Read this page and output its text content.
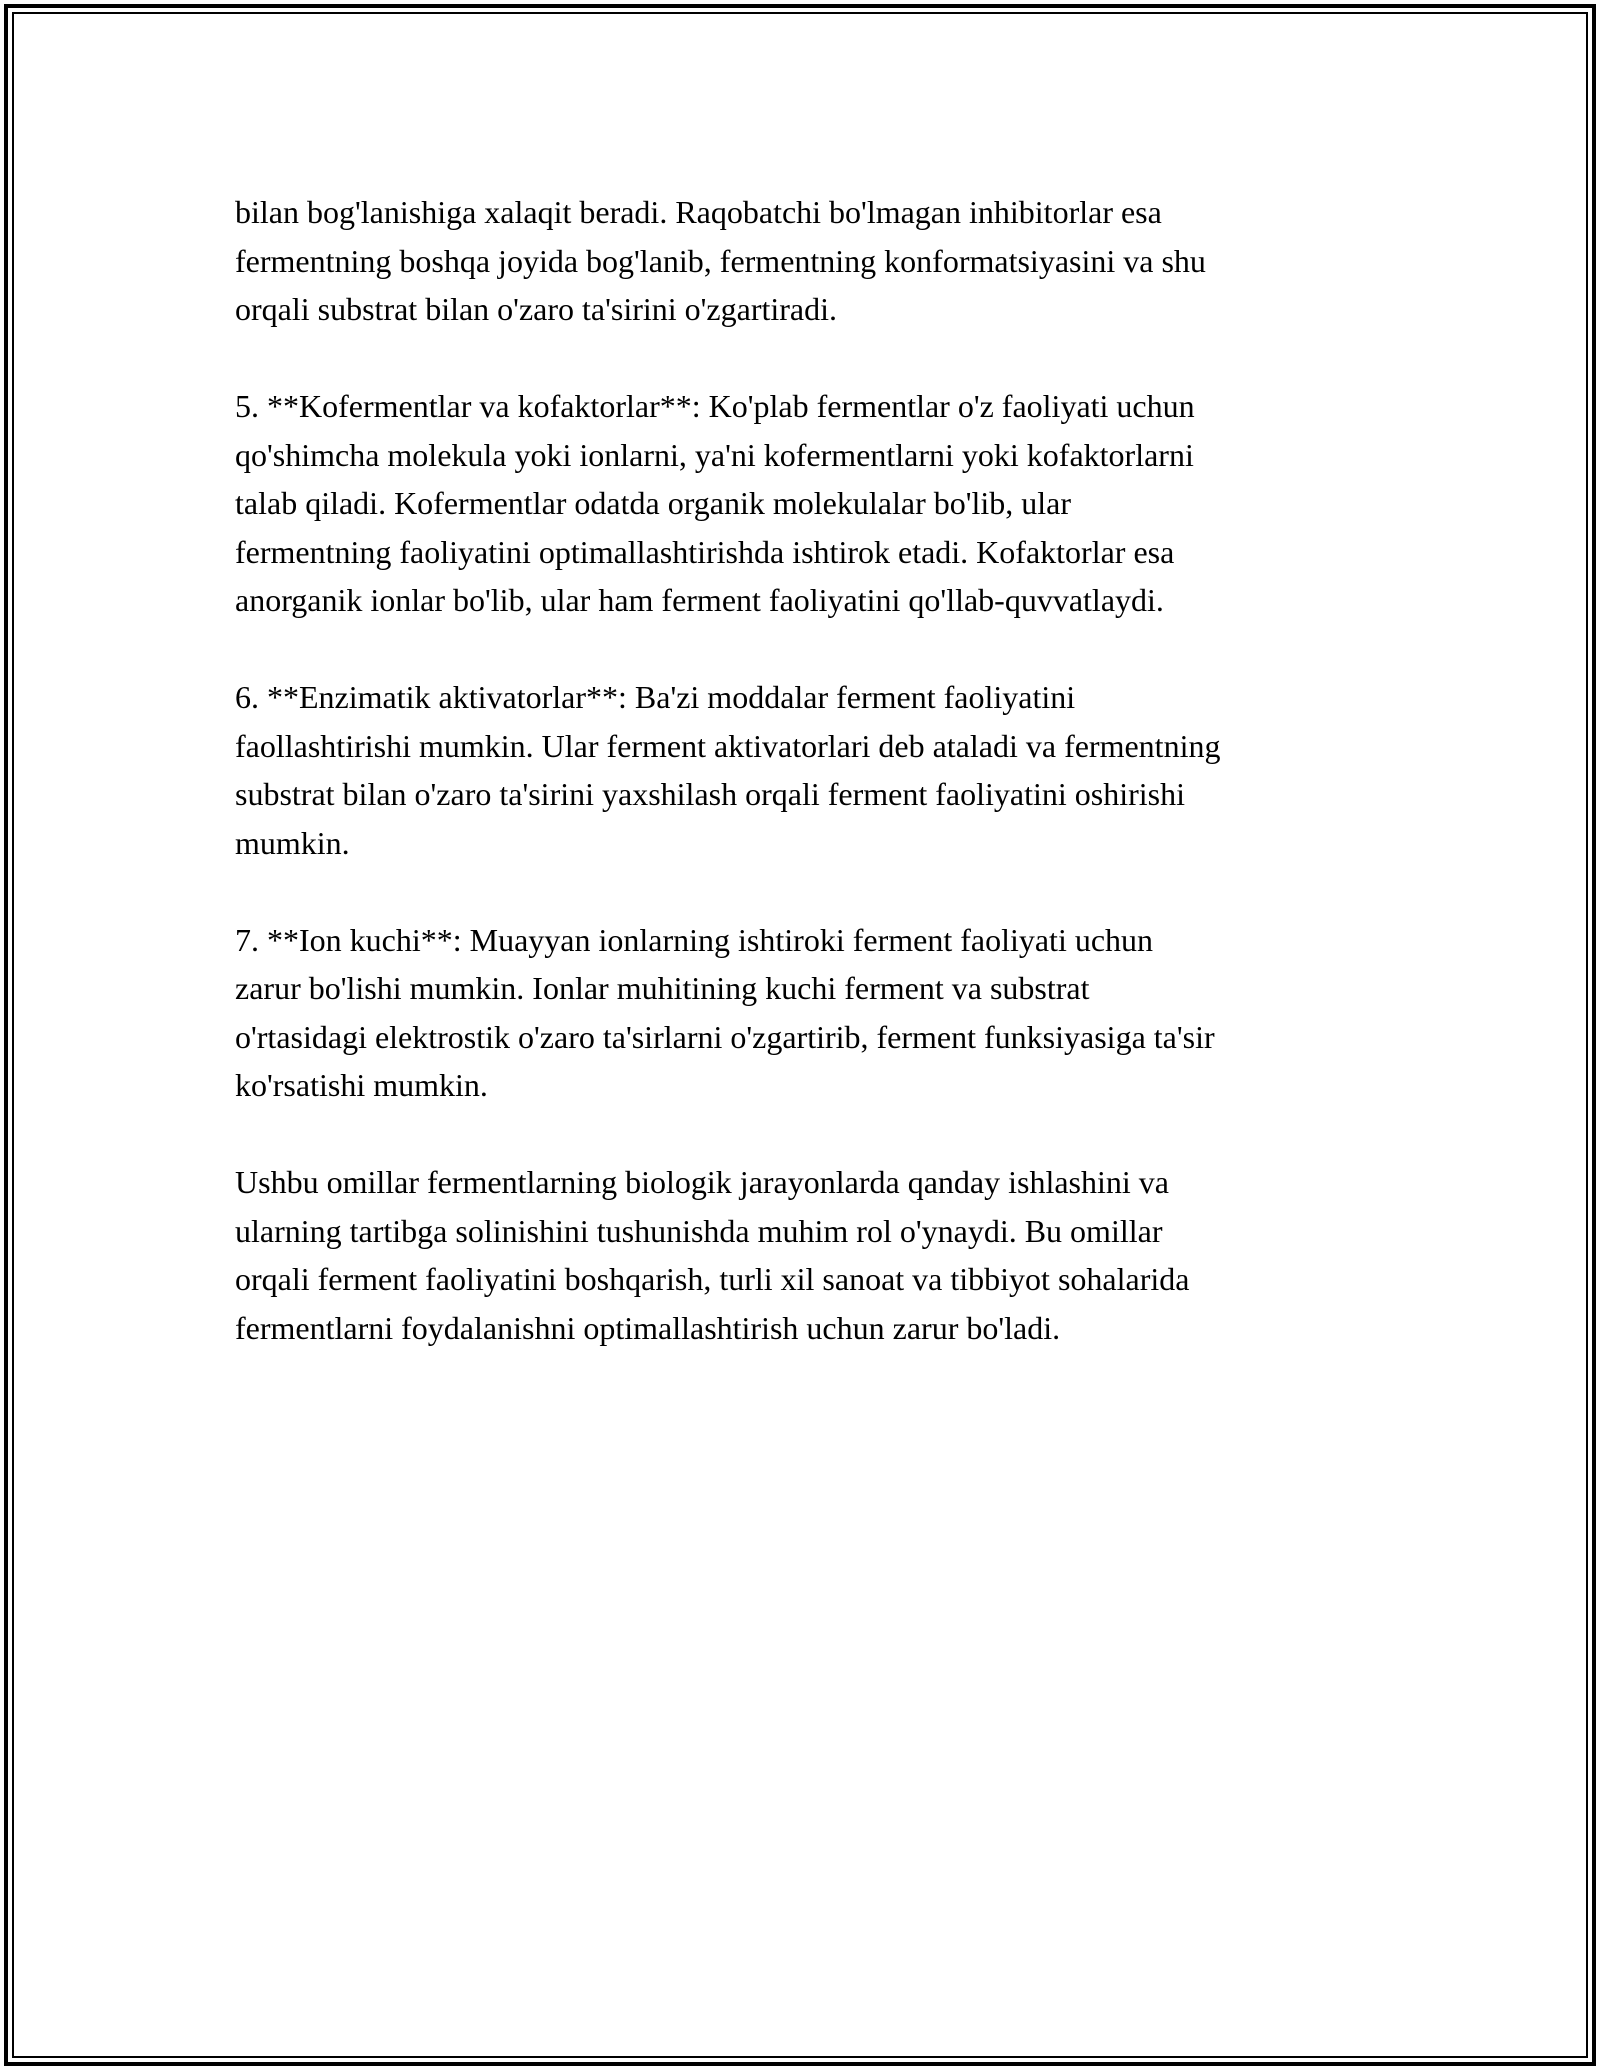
bilan bog'lanishiga xalaqit beradi. Raqobatchi bo'lmagan inhibitorlar esa
fermentning boshqa joyida bog'lanib, fermentning konformatsiyasini va shu
orqali substrat bilan o'zaro ta'sirini o'zgartiradi.

5. **Kofermentlar va kofaktorlar**: Ko'plab fermentlar o'z faoliyati uchun
qo'shimcha molekula yoki ionlarni, ya'ni kofermentlarni yoki kofaktorlarni
talab qiladi. Kofermentlar odatda organik molekulalar bo'lib, ular
fermentning faoliyatini optimallashtirishda ishtirok etadi. Kofaktorlar esa
anorganik ionlar bo'lib, ular ham ferment faoliyatini qo'llab-quvvatlaydi.

6. **Enzimatik aktivatorlar**: Ba'zi moddalar ferment faoliyatini
faollashtirishi mumkin. Ular ferment aktivatorlari deb ataladi va fermentning
substrat bilan o'zaro ta'sirini yaxshilash orqali ferment faoliyatini oshirishi
mumkin.

7. **Ion kuchi**: Muayyan ionlarning ishtiroki ferment faoliyati uchun
zarur bo'lishi mumkin. Ionlar muhitining kuchi ferment va substrat
o'rtasidagi elektrostik o'zaro ta'sirlarni o'zgartirib, ferment funksiyasiga ta'sir
ko'rsatishi mumkin.

Ushbu omillar fermentlarning biologik jarayonlarda qanday ishlashini va
ularning tartibga solinishini tushunishda muhim rol o'ynaydi. Bu omillar
orqali ferment faoliyatini boshqarish, turli xil sanoat va tibbiyot sohalarida
fermentlarni foydalanishni optimallashtirish uchun zarur bo'ladi.
